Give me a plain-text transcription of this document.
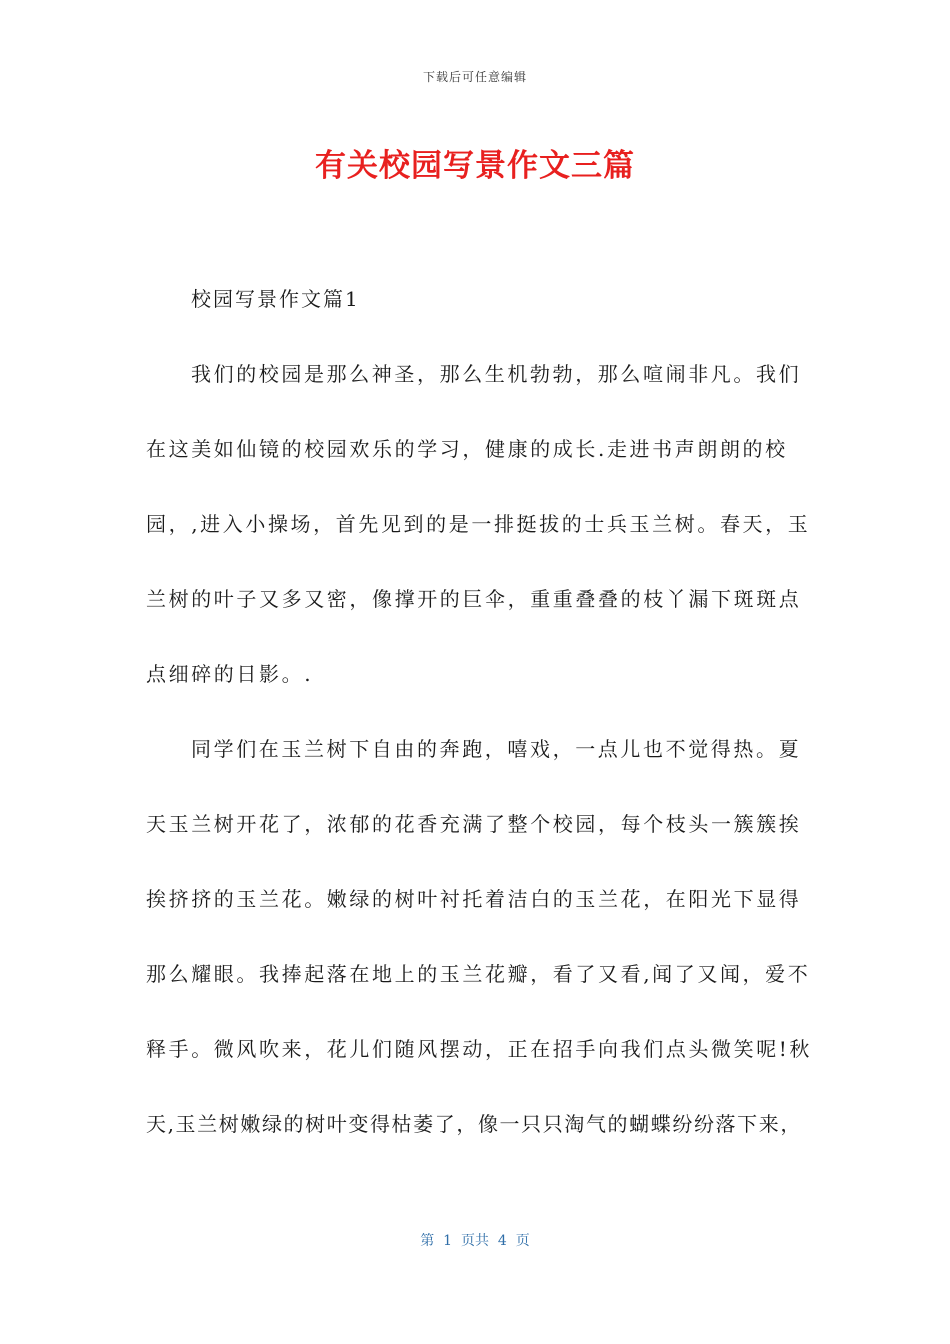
下载后可任意编辑
有关校园写景作文三篇
校园写景作文篇1
我们的校园是那么神圣，那么生机勃勃，那么喧闹非凡。我们
在这美如仙镜的校园欢乐的学习，健康的成长.走进书声朗朗的校
园，,进入小操场，首先见到的是一排挺拔的士兵玉兰树。春天，玉
兰树的叶子又多又密，像撑开的巨伞，重重叠叠的枝丫漏下斑斑点
点细碎的日影。.
同学们在玉兰树下自由的奔跑，嘻戏，一点儿也不觉得热。夏
天玉兰树开花了，浓郁的花香充满了整个校园，每个枝头一簇簇挨
挨挤挤的玉兰花。嫩绿的树叶衬托着洁白的玉兰花，在阳光下显得
那么耀眼。我捧起落在地上的玉兰花瓣，看了又看,闻了又闻，爱不
释手。微风吹来，花儿们随风摆动，正在招手向我们点头微笑呢!秋
天,玉兰树嫩绿的树叶变得枯萎了，像一只只淘气的蝴蝶纷纷落下来，
第  1  页共  4  页
